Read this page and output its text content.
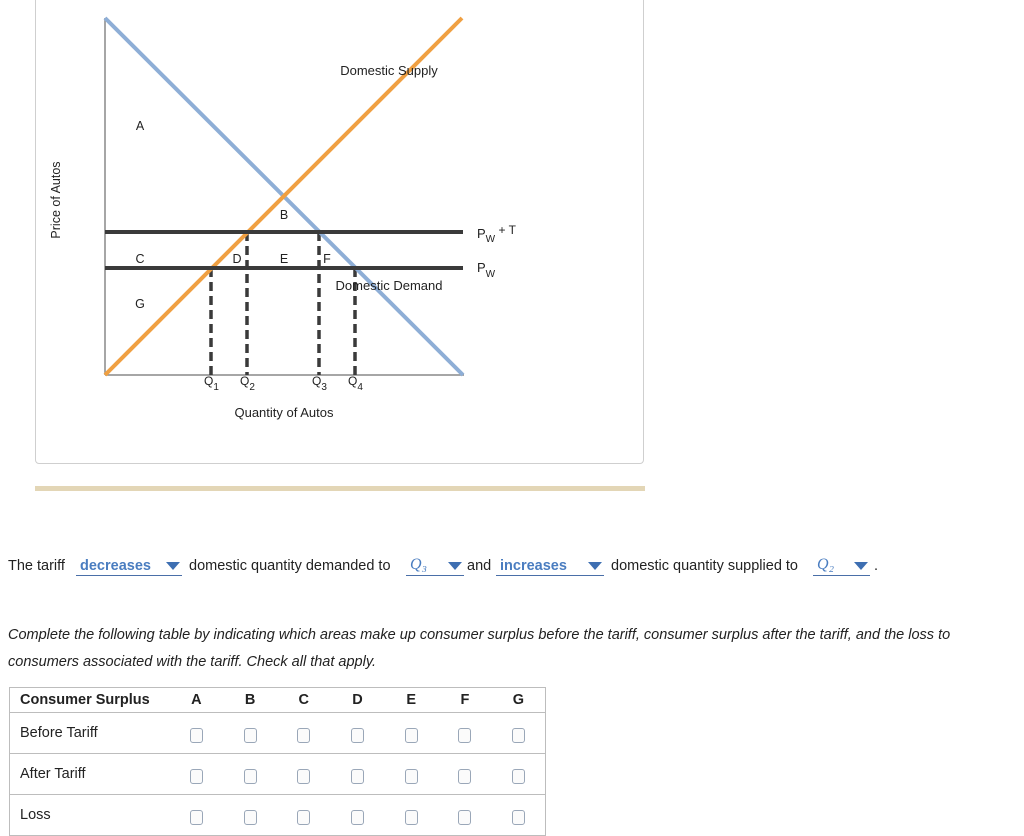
Price of Autos
Quantity of Autos
Domestic Supply
Domestic Demand
$P_W + T$
$P_W$
A
B
C	D	E	F
G
$Q_1$ $Q_2$	$Q_3$ $Q_4$
The tariff decreases	domestic quantity demanded to Q₃	and increases	domestic quantity supplied to Q₂	.
Complete the following table by indicating which areas make up consumer surplus before the tariff, consumer surplus after the tariff, and the loss to consumers associated with the tariff. Check all that apply.
Consumer Surplus	A	B	C	D	E	F	G
Before Tariff							
After Tariff							
Loss							
